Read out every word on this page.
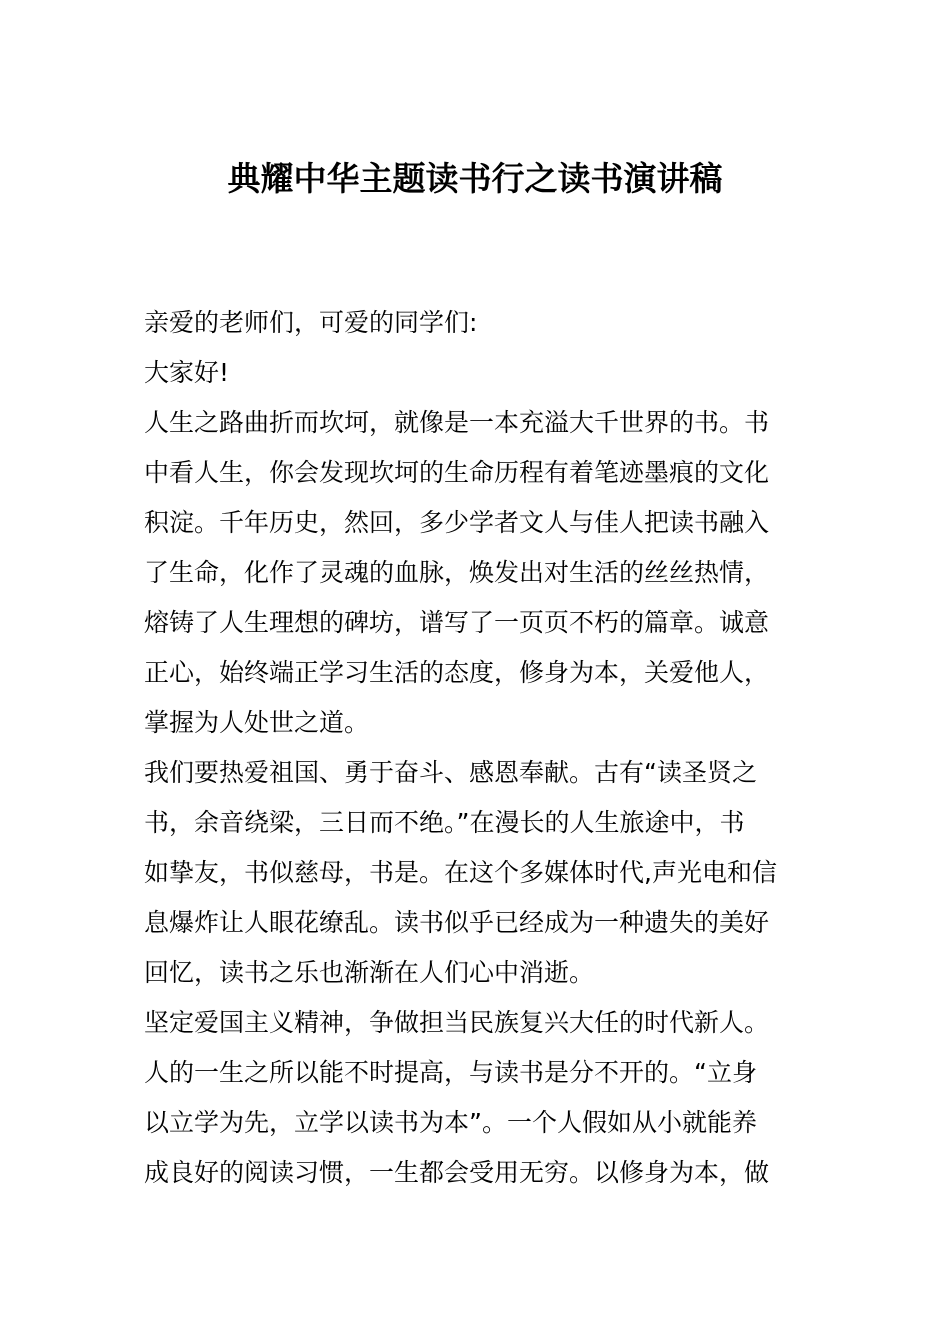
典耀中华主题读书行之读书演讲稿

亲爱的老师们，可爱的同学们:

大家好!

人生之路曲折而坎坷，就像是一本充溢大千世界的书。书

中看人生，你会发现坎坷的生命历程有着笔迹墨痕的文化

积淀。千年历史，然回，多少学者文人与佳人把读书融入

了生命，化作了灵魂的血脉，焕发出对生活的丝丝热情，

熔铸了人生理想的碑坊，谱写了一页页不朽的篇章。诚意

正心，始终端正学习生活的态度，修身为本，关爱他人，

掌握为人处世之道。

我们要热爱祖国、勇于奋斗、感恩奉献。古有“读圣贤之

书，余音绕梁，三日而不绝。”在漫长的人生旅途中，书

如挚友，书似慈母，书是。在这个多媒体时代,声光电和信

息爆炸让人眼花缭乱。读书似乎已经成为一种遗失的美好

回忆，读书之乐也渐渐在人们心中消逝。

坚定爱国主义精神，争做担当民族复兴大任的时代新人。

人的一生之所以能不时提高，与读书是分不开的。“立身

以立学为先，立学以读书为本”。一个人假如从小就能养

成良好的阅读习惯，一生都会受用无穷。以修身为本，做
